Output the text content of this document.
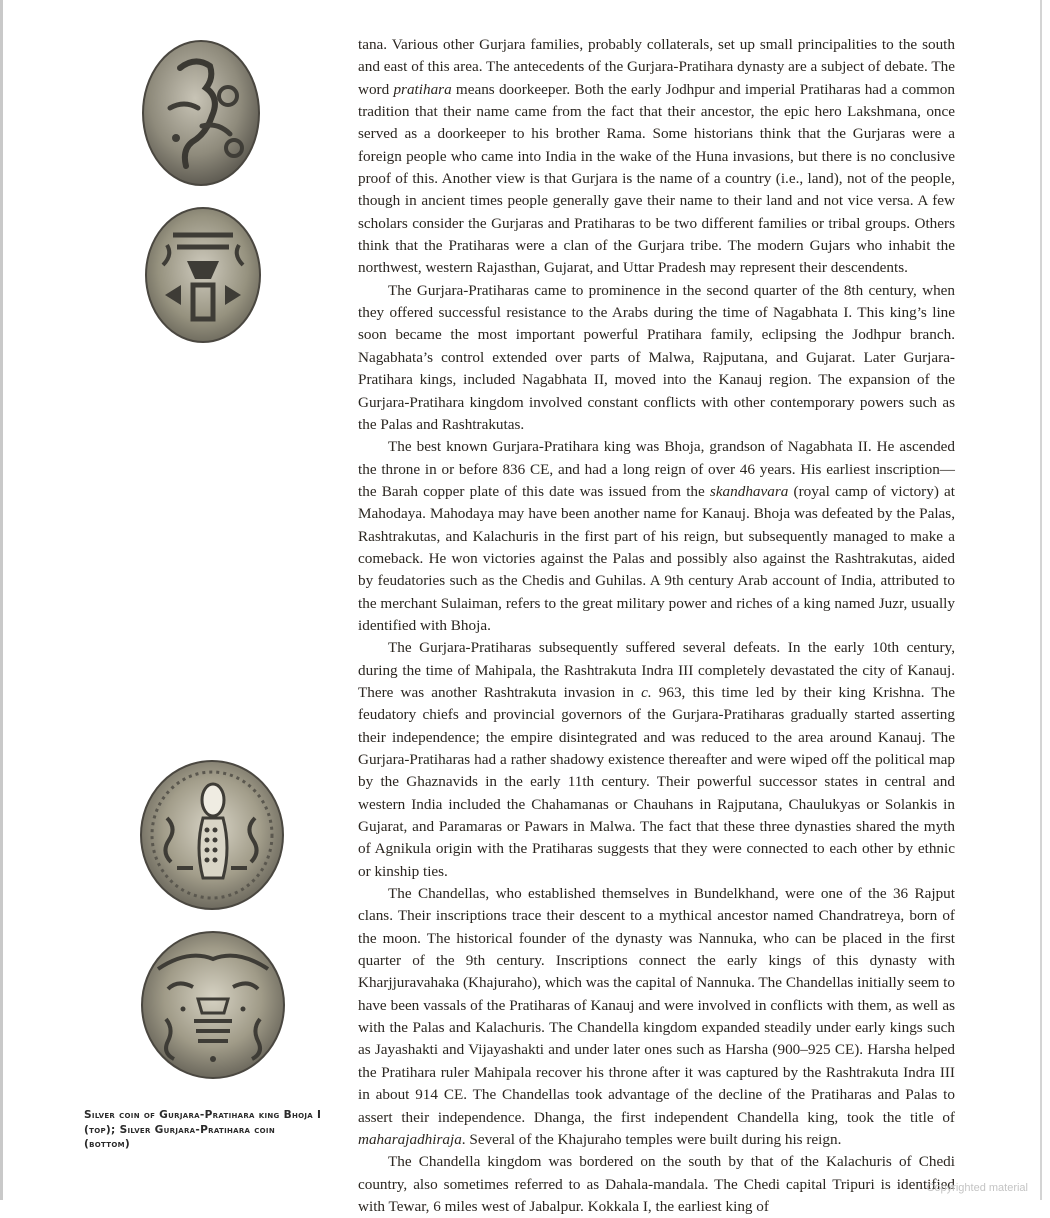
Silver coin of Gurjara-Pratihara king Bhoja I (top); Silver Gurjara-Pratihara coin (bottom)

tana. Various other Gurjara families, probably collaterals, set up small principalities to the south and east of this area. The antecedents of the Gurjara-Pratihara dynasty are a subject of debate. The word pratihara means doorkeeper. Both the early Jodhpur and imperial Pratiharas had a common tradition that their name came from the fact that their ancestor, the epic hero Lakshmana, once served as a doorkeeper to his brother Rama. Some historians think that the Gurjaras were a foreign people who came into India in the wake of the Huna invasions, but there is no conclusive proof of this. Another view is that Gurjara is the name of a country (i.e., land), not of the people, though in ancient times people generally gave their name to their land and not vice versa. A few scholars consider the Gurjaras and Pratiharas to be two different families or tribal groups. Others think that the Pratiharas were a clan of the Gurjara tribe. The modern Gujars who inhabit the northwest, western Rajasthan, Gujarat, and Uttar Pradesh may represent their descendents.

The Gurjara-Pratiharas came to prominence in the second quarter of the 8th century, when they offered successful resistance to the Arabs during the time of Nagabhata I. This king’s line soon became the most important powerful Pratihara family, eclipsing the Jodhpur branch. Nagabhata’s control extended over parts of Malwa, Rajputana, and Gujarat. Later Gurjara-Pratihara kings, included Nagabhata II, moved into the Kanauj region. The expansion of the Gurjara-Pratihara kingdom involved constant conflicts with other contemporary powers such as the Palas and Rashtrakutas.

The best known Gurjara-Pratihara king was Bhoja, grandson of Nagabhata II. He ascended the throne in or before 836 CE, and had a long reign of over 46 years. His earliest inscription—the Barah copper plate of this date was issued from the skandhavara (royal camp of victory) at Mahodaya. Mahodaya may have been another name for Kanauj. Bhoja was defeated by the Palas, Rashtrakutas, and Kalachuris in the first part of his reign, but subsequently managed to make a comeback. He won victories against the Palas and possibly also against the Rashtrakutas, aided by feudatories such as the Chedis and Guhilas. A 9th century Arab account of India, attributed to the merchant Sulaiman, refers to the great military power and riches of a king named Juzr, usually identified with Bhoja.

The Gurjara-Pratiharas subsequently suffered several defeats. In the early 10th century, during the time of Mahipala, the Rashtrakuta Indra III completely devastated the city of Kanauj. There was another Rashtrakuta invasion in c. 963, this time led by their king Krishna. The feudatory chiefs and provincial governors of the Gurjara-Pratiharas gradually started asserting their independence; the empire disintegrated and was reduced to the area around Kanauj. The Gurjara-Pratiharas had a rather shadowy existence thereafter and were wiped off the political map by the Ghaznavids in the early 11th century. Their powerful successor states in central and western India included the Chahamanas or Chauhans in Rajputana, Chaulukyas or Solankis in Gujarat, and Paramaras or Pawars in Malwa. The fact that these three dynasties shared the myth of Agnikula origin with the Pratiharas suggests that they were connected to each other by ethnic or kinship ties.

The Chandellas, who established themselves in Bundelkhand, were one of the 36 Rajput clans. Their inscriptions trace their descent to a mythical ancestor named Chandratreya, born of the moon. The historical founder of the dynasty was Nannuka, who can be placed in the first quarter of the 9th century. Inscriptions connect the early kings of this dynasty with Kharjjuravahaka (Khajuraho), which was the capital of Nannuka. The Chandellas initially seem to have been vassals of the Pratiharas of Kanauj and were involved in conflicts with them, as well as with the Palas and Kalachuris. The Chandella kingdom expanded steadily under early kings such as Jayashakti and Vijayashakti and under later ones such as Harsha (900–925 CE). Harsha helped the Pratihara ruler Mahipala recover his throne after it was captured by the Rashtrakuta Indra III in about 914 CE. The Chandellas took advantage of the decline of the Pratiharas and Palas to assert their independence. Dhanga, the first independent Chandella king, took the title of maharajadhiraja. Several of the Khajuraho temples were built during his reign.

The Chandella kingdom was bordered on the south by that of the Kalachuris of Chedi country, also sometimes referred to as Dahala-mandala. The Chedi capital Tripuri is identified with Tewar, 6 miles west of Jabalpur. Kokkala I, the earliest king of

Copyrighted material
